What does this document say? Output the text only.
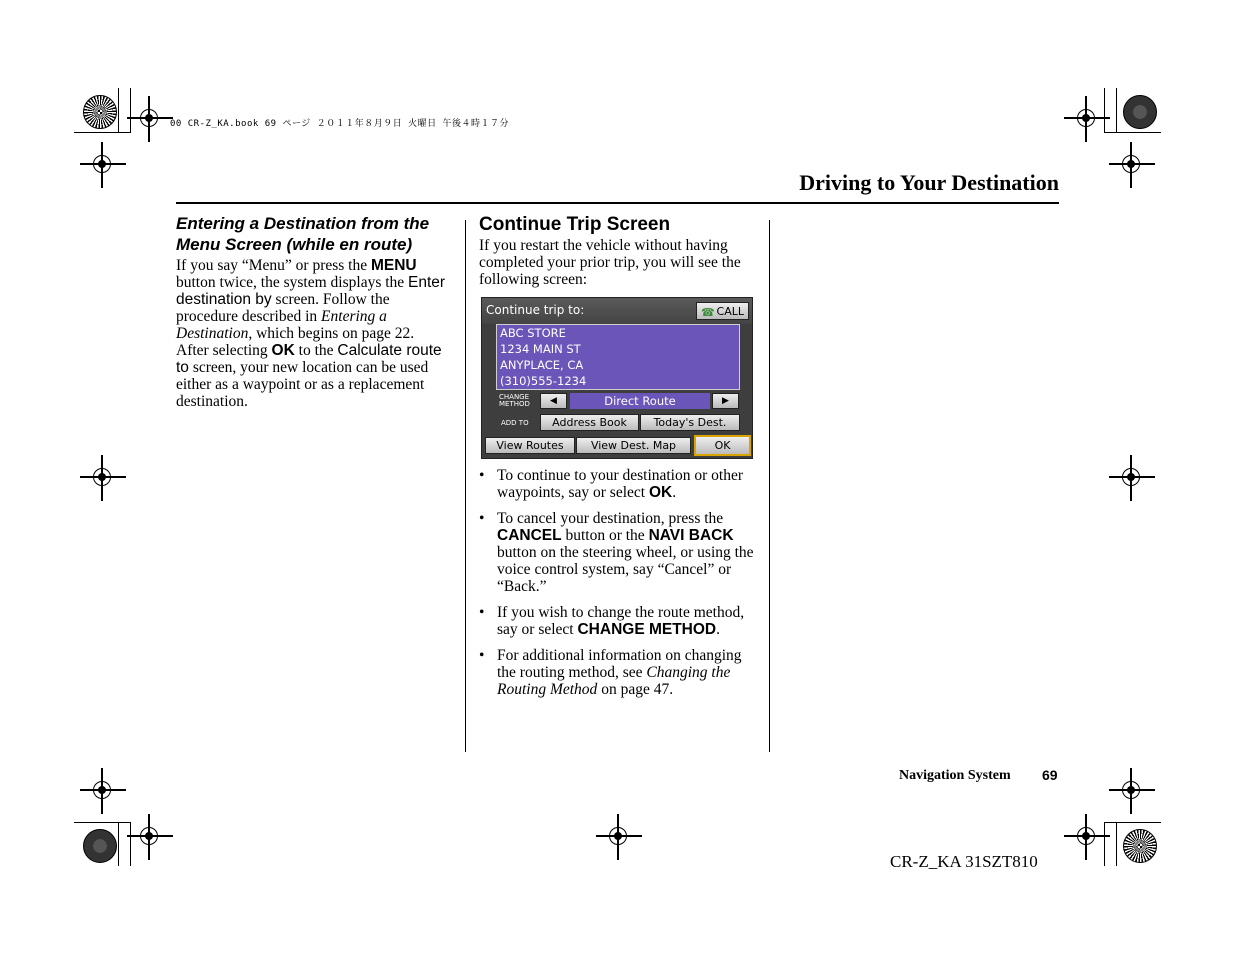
00 CR-Z_KA.book 69 ページ ２０１１年８月９日 火曜日 午後４時１７分
Driving to Your Destination
Entering a Destination from the
Menu Screen (while en route)
If you say “Menu” or press the MENU button twice, the system displays the Enter destination by screen. Follow the procedure described in Entering a Destination, which begins on page 22. After selecting OK to the Calculate route to screen, your new location can be used either as a waypoint or as a replacement destination.
Continue Trip Screen
If you restart the vehicle without having completed your prior trip, you will see the following screen:
Continue trip to:	☎ CALL
ABC STORE
1234 MAIN ST
ANYPLACE, CA
(310)555-1234
CHANGE METHOD	◀	Direct Route	▶
ADD TO	Address Book	Today's Dest.
View Routes	View Dest. Map	OK
• To continue to your destination or other waypoints, say or select OK.
• To cancel your destination, press the CANCEL button or the NAVI BACK button on the steering wheel, or using the voice control system, say “Cancel” or “Back.”
• If you wish to change the route method, say or select CHANGE METHOD.
• For additional information on changing the routing method, see Changing the Routing Method on page 47.
Navigation System 69
CR-Z_KA 31SZT810
